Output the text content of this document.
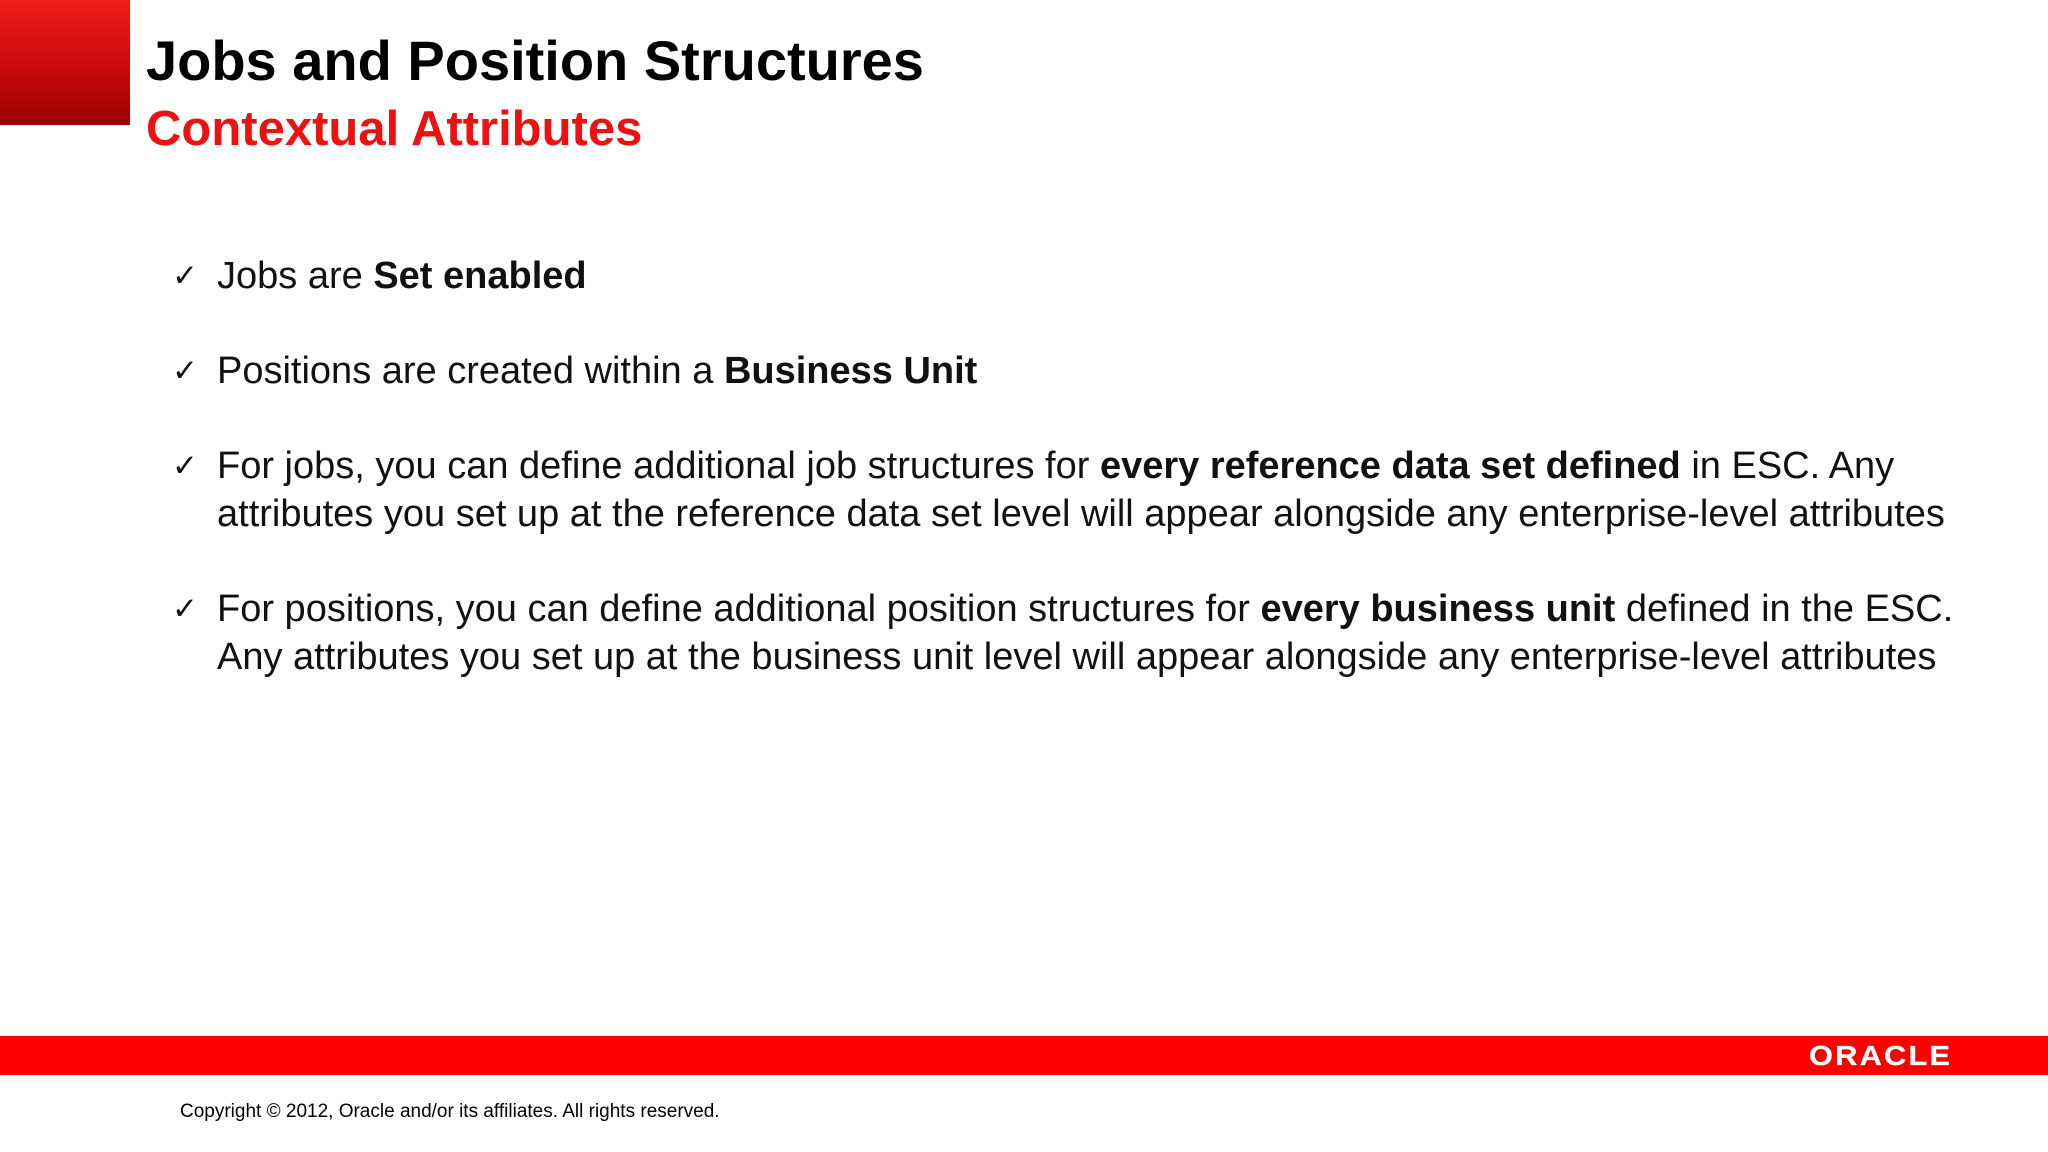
Jobs and Position Structures
Contextual Attributes
✓ Jobs are Set enabled
✓ Positions are created within a Business Unit
✓ For jobs, you can define additional job structures for every reference data set defined in ESC. Any attributes you set up at the reference data set level will appear alongside any enterprise-level attributes
✓ For positions, you can define additional position structures for every business unit defined in the ESC. Any attributes you set up at the business unit level will appear alongside any enterprise-level attributes
ORACLE
Copyright © 2012, Oracle and/or its affiliates. All rights reserved.
